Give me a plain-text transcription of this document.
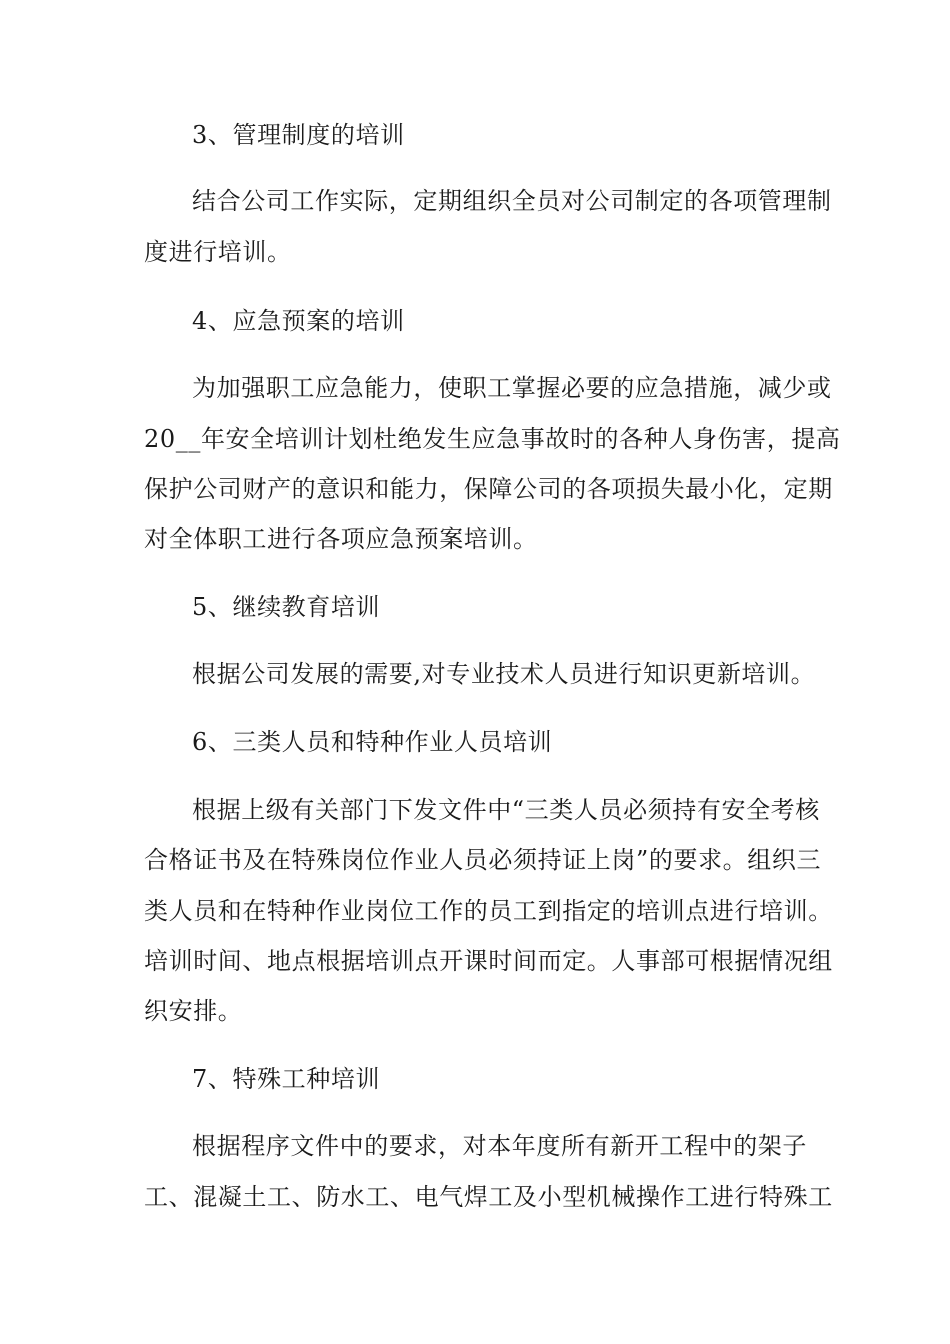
3、管理制度的培训
结合公司工作实际，定期组织全员对公司制定的各项管理制
度进行培训。
4、应急预案的培训
为加强职工应急能力，使职工掌握必要的应急措施，减少或
20__年安全培训计划杜绝发生应急事故时的各种人身伤害，提高
保护公司财产的意识和能力，保障公司的各项损失最小化，定期
对全体职工进行各项应急预案培训。
5、继续教育培训
根据公司发展的需要,对专业技术人员进行知识更新培训。
6、三类人员和特种作业人员培训
根据上级有关部门下发文件中“三类人员必须持有安全考核
合格证书及在特殊岗位作业人员必须持证上岗”的要求。组织三
类人员和在特种作业岗位工作的员工到指定的培训点进行培训。
培训时间、地点根据培训点开课时间而定。人事部可根据情况组
织安排。
7、特殊工种培训
根据程序文件中的要求，对本年度所有新开工程中的架子
工、混凝土工、防水工、电气焊工及小型机械操作工进行特殊工
